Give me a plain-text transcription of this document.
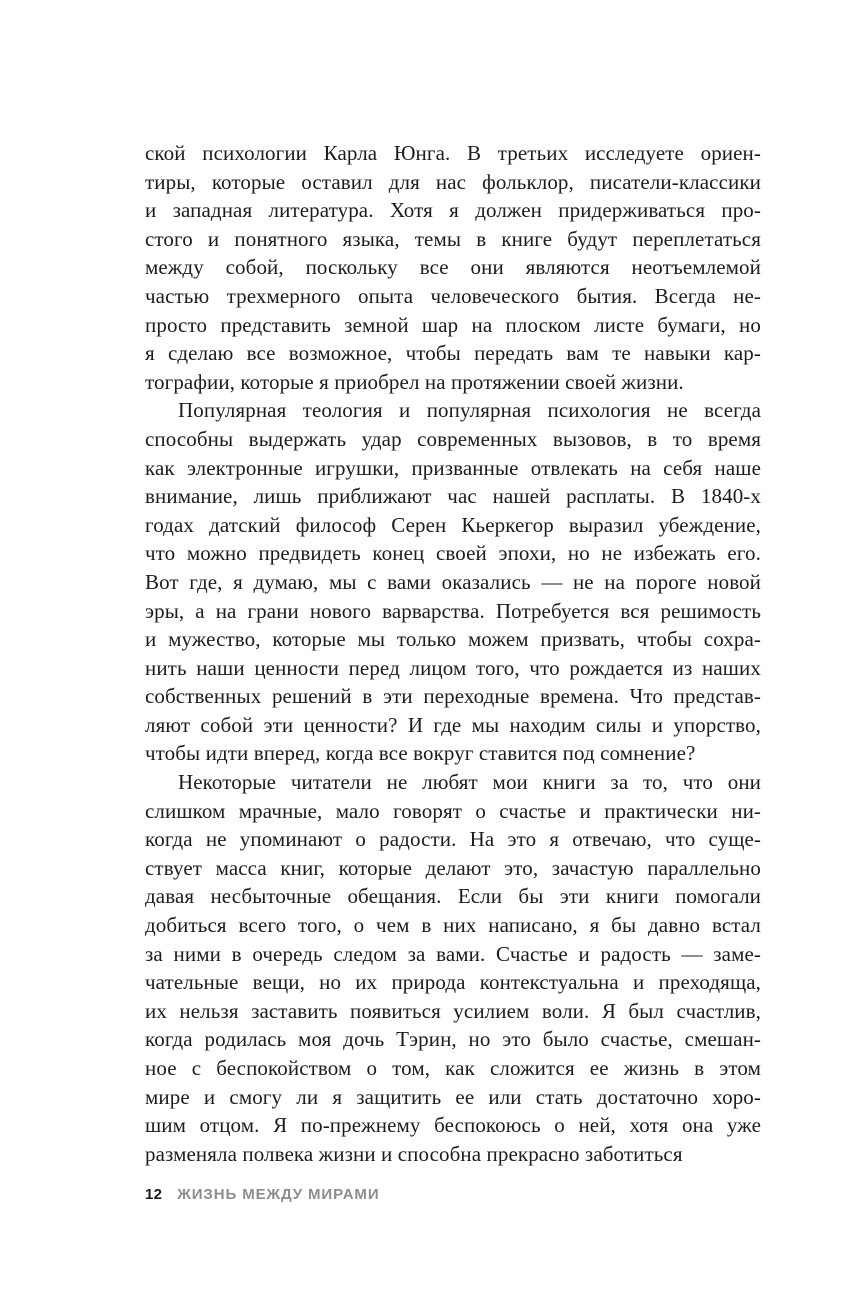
ской психологии Карла Юнга. В третьих исследуете ориен-
тиры, которые оставил для нас фольклор, писатели-классики
и западная литература. Хотя я должен придерживаться про-
стого и понятного языка, темы в книге будут переплетаться
между собой, поскольку все они являются неотъемлемой
частью трехмерного опыта человеческого бытия. Всегда не-
просто представить земной шар на плоском листе бумаги, но
я сделаю все возможное, чтобы передать вам те навыки кар-
тографии, которые я приобрел на протяжении своей жизни.
Популярная теология и популярная психология не всегда
способны выдержать удар современных вызовов, в то время
как электронные игрушки, призванные отвлекать на себя наше
внимание, лишь приближают час нашей расплаты. В 1840-х
годах датский философ Серен Кьеркегор выразил убеждение,
что можно предвидеть конец своей эпохи, но не избежать его.
Вот где, я думаю, мы с вами оказались — не на пороге новой
эры, а на грани нового варварства. Потребуется вся решимость
и мужество, которые мы только можем призвать, чтобы сохра-
нить наши ценности перед лицом того, что рождается из наших
собственных решений в эти переходные времена. Что представ-
ляют собой эти ценности? И где мы находим силы и упорство,
чтобы идти вперед, когда все вокруг ставится под сомнение?
Некоторые читатели не любят мои книги за то, что они
слишком мрачные, мало говорят о счастье и практически ни-
когда не упоминают о радости. На это я отвечаю, что суще-
ствует масса книг, которые делают это, зачастую параллельно
давая несбыточные обещания. Если бы эти книги помогали
добиться всего того, о чем в них написано, я бы давно встал
за ними в очередь следом за вами. Счастье и радость — заме-
чательные вещи, но их природа контекстуальна и преходяща,
их нельзя заставить появиться усилием воли. Я был счастлив,
когда родилась моя дочь Тэрин, но это было счастье, смешан-
ное с беспокойством о том, как сложится ее жизнь в этом
мире и смогу ли я защитить ее или стать достаточно хоро-
шим отцом. Я по-прежнему беспокоюсь о ней, хотя она уже
разменяла полвека жизни и способна прекрасно заботиться
12 ЖИЗНЬ МЕЖДУ МИРАМИ
